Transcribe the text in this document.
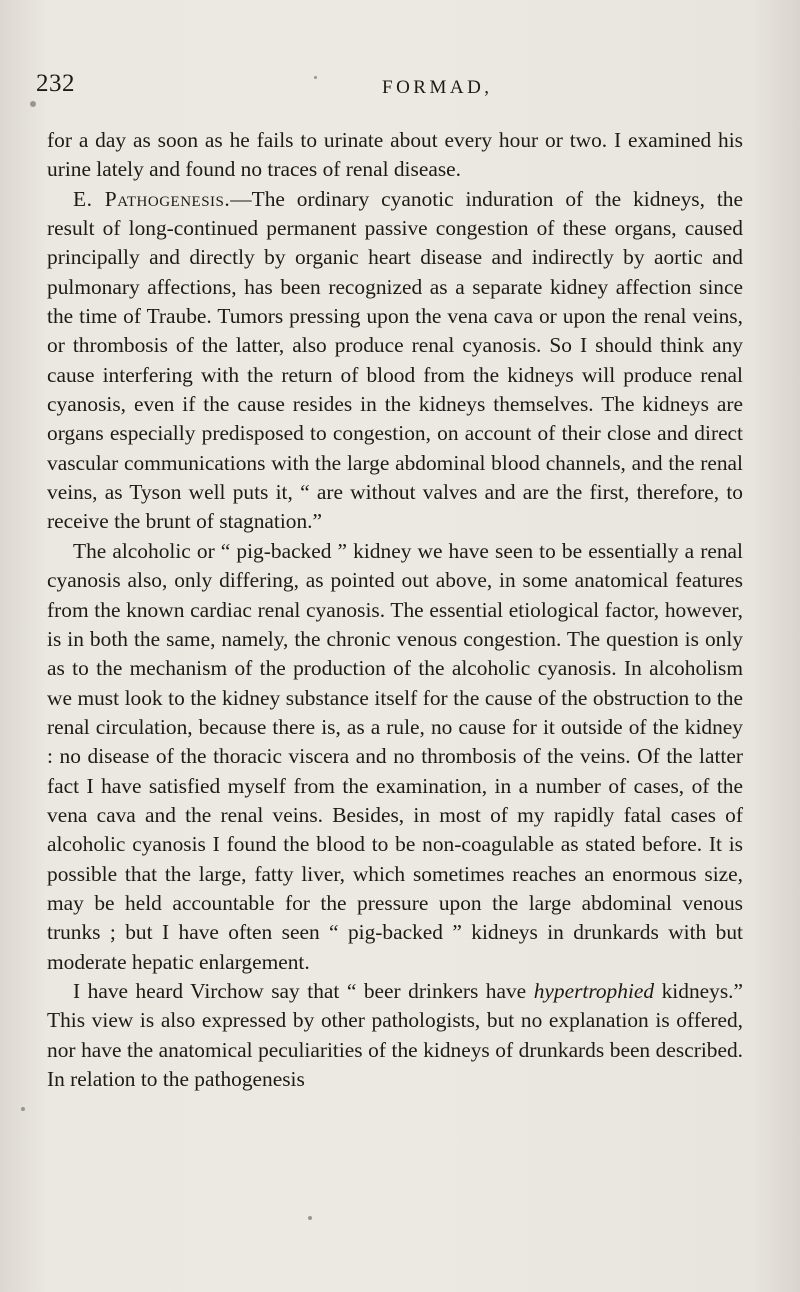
232	FORMAD,

for a day as soon as he fails to urinate about every hour or two. I examined his urine lately and found no traces of renal disease.

E. Pathogenesis.—The ordinary cyanotic induration of the kidneys, the result of long-continued permanent passive congestion of these organs, caused principally and directly by organic heart disease and indirectly by aortic and pulmonary affections, has been recognized as a separate kidney affection since the time of Traube. Tumors pressing upon the vena cava or upon the renal veins, or thrombosis of the latter, also produce renal cyanosis. So I should think any cause interfering with the return of blood from the kidneys will produce renal cyanosis, even if the cause resides in the kidneys themselves. The kidneys are organs especially predisposed to congestion, on account of their close and direct vascular communications with the large abdominal blood channels, and the renal veins, as Tyson well puts it, “ are without valves and are the first, therefore, to receive the brunt of stagnation.”

The alcoholic or “ pig-backed ” kidney we have seen to be essentially a renal cyanosis also, only differing, as pointed out above, in some anatomical features from the known cardiac renal cyanosis. The essential etiological factor, however, is in both the same, namely, the chronic venous congestion. The question is only as to the mechanism of the production of the alcoholic cyanosis. In alcoholism we must look to the kidney substance itself for the cause of the obstruction to the renal circulation, because there is, as a rule, no cause for it outside of the kidney : no disease of the thoracic viscera and no thrombosis of the veins. Of the latter fact I have satisfied myself from the examination, in a number of cases, of the vena cava and the renal veins. Besides, in most of my rapidly fatal cases of alcoholic cyanosis I found the blood to be non-coagulable as stated before. It is possible that the large, fatty liver, which sometimes reaches an enormous size, may be held accountable for the pressure upon the large abdominal venous trunks ; but I have often seen “ pig-backed ” kidneys in drunkards with but moderate hepatic enlargement.

I have heard Virchow say that “ beer drinkers have hypertrophied kidneys.” This view is also expressed by other pathologists, but no explanation is offered, nor have the anatomical peculiarities of the kidneys of drunkards been described. In relation to the pathogenesis
